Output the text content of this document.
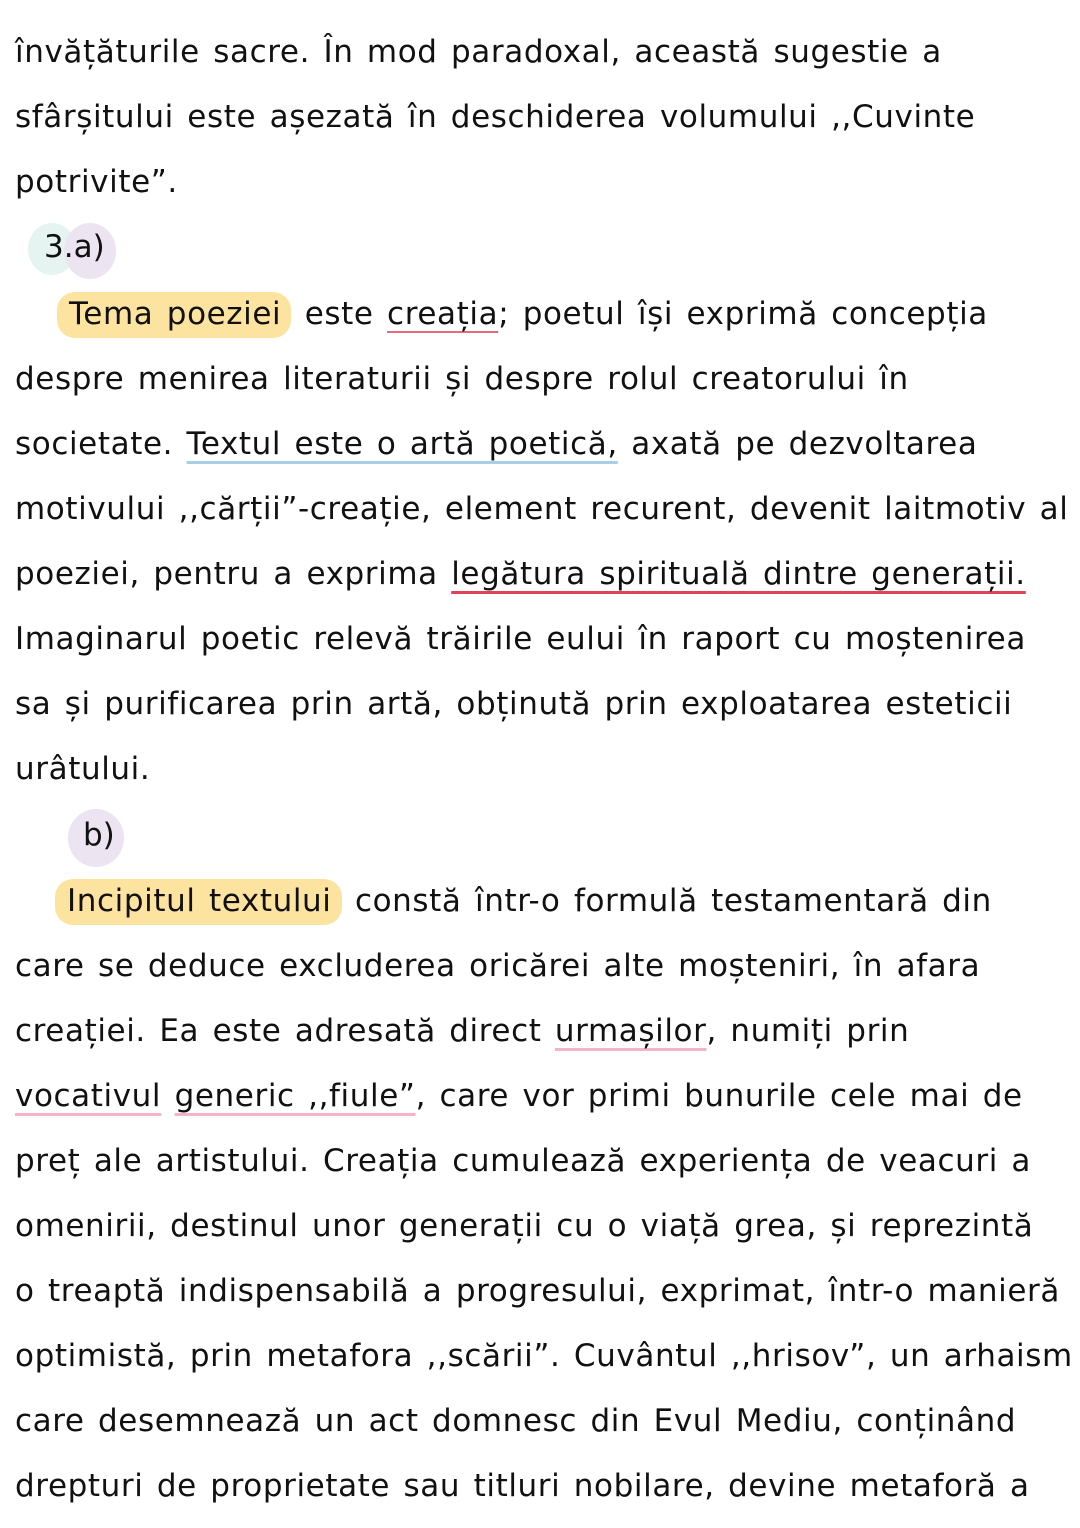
învățăturile sacre. În mod paradoxal, această sugestie a
sfârșitului este așezată în deschiderea volumului ,,Cuvinte
potrivite”.
3.a)
Tema poeziei este creația; poetul își exprimă concepția
despre menirea literaturii și despre rolul creatorului în
societate. Textul este o artă poetică, axată pe dezvoltarea
motivului ,,cărții”-creație, element recurent, devenit laitmotiv al
poeziei, pentru a exprima legătura spirituală dintre generații.
Imaginarul poetic relevă trăirile eului în raport cu moștenirea
sa și purificarea prin artă, obținută prin exploatarea esteticii
urâtului.
b)
Incipitul textului constă într-o formulă testamentară din
care se deduce excluderea oricărei alte moșteniri, în afara
creației. Ea este adresată direct urmașilor, numiți prin
vocativul generic ,,fiule”, care vor primi bunurile cele mai de
preț ale artistului. Creația cumulează experiența de veacuri a
omenirii, destinul unor generații cu o viață grea, și reprezintă
o treaptă indispensabilă a progresului, exprimat, într-o manieră
optimistă, prin metafora ,,scării”. Cuvântul ,,hrisov”, un arhaism
care desemnează un act domnesc din Evul Mediu, conținând
drepturi de proprietate sau titluri nobilare, devine metaforă a
